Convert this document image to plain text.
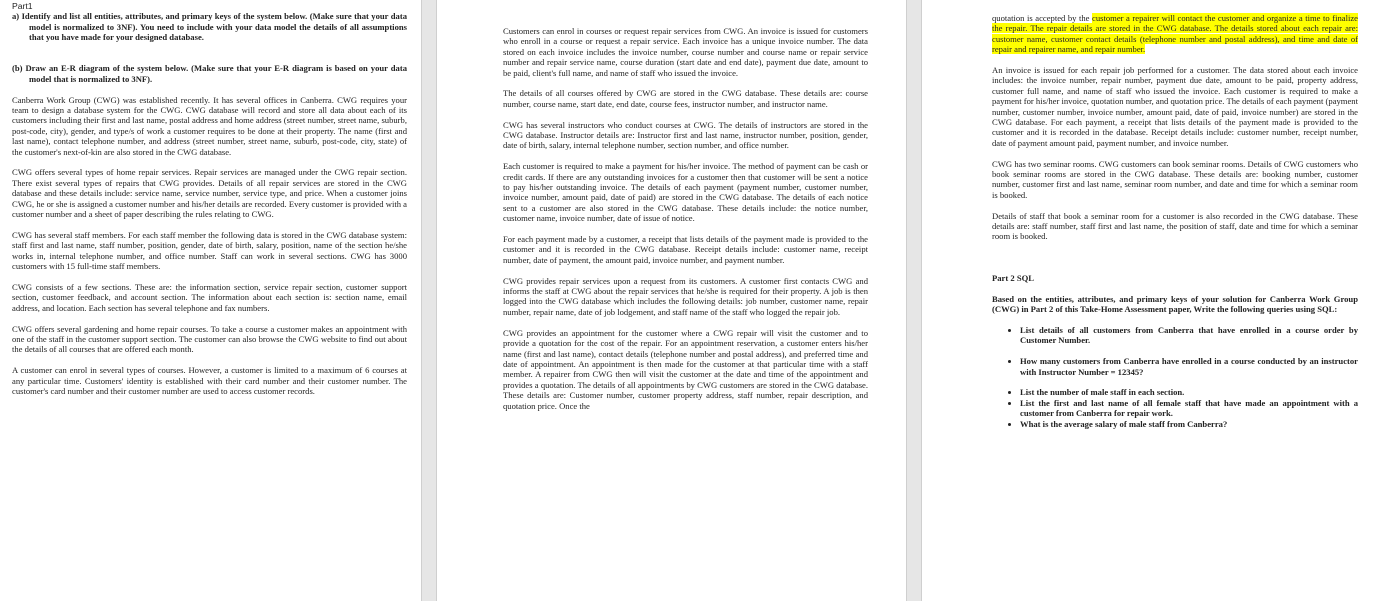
Part1

a) Identify and list all entities, attributes, and primary keys of the system below. (Make sure that your data model is normalized to 3NF). You need to include with your data model the details of all assumptions that you have made for your designed database.

(b) Draw an E-R diagram of the system below. (Make sure that your E-R diagram is based on your data model that is normalized to 3NF).

Canberra Work Group (CWG) was established recently. It has several offices in Canberra. CWG requires your team to design a database system for the CWG. CWG database will record and store all data about each of its customers including their first and last name, postal address and home address (street number, street name, suburb, post-code, city), gender, and type/s of work a customer requires to be done at their property. The name (first and last name), contact telephone number, and address (street number, street name, suburb, post-code, city, state) of the customer's next-of-kin are also stored in the CWG database.

CWG offers several types of home repair services. Repair services are managed under the CWG repair section. There exist several types of repairs that CWG provides. Details of all repair services are stored in the CWG database and these details include: service name, service number, service type, and price. When a customer joins CWG, he or she is assigned a customer number and his/her details are recorded. Every customer is provided with a customer number and a sheet of paper describing the rules relating to CWG.

CWG has several staff members. For each staff member the following data is stored in the CWG database system: staff first and last name, staff number, position, gender, date of birth, salary, position, name of the section he/she works in, internal telephone number, and office number. Staff can work in several sections. CWG has 3000 customers with 15 full-time staff members.

CWG consists of a few sections. These are: the information section, service repair section, customer support section, customer feedback, and account section. The information about each section is: section name, email address, and location. Each section has several telephone and fax numbers.

CWG offers several gardening and home repair courses. To take a course a customer makes an appointment with one of the staff in the customer support section. The customer can also browse the CWG website to find out about the details of all courses that are offered each month.

A customer can enrol in several types of courses. However, a customer is limited to a maximum of 6 courses at any particular time. Customers' identity is established with their card number and their customer number. The customer's card number and their customer number are used to access customer records.

Customers can enrol in courses or request repair services from CWG. An invoice is issued for customers who enroll in a course or request a repair service. Each invoice has a unique invoice number. The data stored on each invoice includes the invoice number, course number and course name or repair service number and repair service name, course duration (start date and end date), payment due date, amount to be paid, client's full name, and name of staff who issued the invoice.

The details of all courses offered by CWG are stored in the CWG database. These details are: course number, course name, start date, end date, course fees, instructor number, and instructor name.

CWG has several instructors who conduct courses at CWG. The details of instructors are stored in the CWG database. Instructor details are: Instructor first and last name, instructor number, position, gender, date of birth, salary, internal telephone number, section number, and office number.

Each customer is required to make a payment for his/her invoice. The method of payment can be cash or credit cards. If there are any outstanding invoices for a customer then that customer will be sent a notice to pay his/her outstanding invoice. The details of each payment (payment number, customer number, invoice number, amount paid, date of paid) are stored in the CWG database. The details of each notice sent to a customer are also stored in the CWG database. These details include: the notice number, customer name, invoice number, date of issue of notice.

For each payment made by a customer, a receipt that lists details of the payment made is provided to the customer and it is recorded in the CWG database. Receipt details include: customer name, receipt number, date of payment, the amount paid, invoice number, and payment number.

CWG provides repair services upon a request from its customers. A customer first contacts CWG and informs the staff at CWG about the repair services that he/she is required for their property. A job is then logged into the CWG database which includes the following details: job number, customer name, repair number, repair name, date of job lodgement, and staff name of the staff who logged the repair job.

CWG provides an appointment for the customer where a CWG repair will visit the customer and to provide a quotation for the cost of the repair. For an appointment reservation, a customer enters his/her name (first and last name), contact details (telephone number and postal address), and preferred time and date of appointment. An appointment is then made for the customer at that particular time with a staff member. A repairer from CWG then will visit the customer at the date and time of the appointment and provides a quotation. The details of all appointments by CWG customers are stored in the CWG database. These details are: Customer number, customer property address, staff number, repair description, and quotation price. Once the

quotation is accepted by the customer a repairer will contact the customer and organize a time to finalize the repair. The repair details are stored in the CWG database. The details stored about each repair are: customer name, customer contact details (telephone number and postal address), and time and date of repair and repairer name, and repair number.

An invoice is issued for each repair job performed for a customer. The data stored about each invoice includes: the invoice number, repair number, payment due date, amount to be paid, property address, customer full name, and name of staff who issued the invoice. Each customer is required to make a payment for his/her invoice, quotation number, and quotation price. The details of each payment (payment number, customer number, invoice number, amount paid, date of paid, invoice number) are stored in the CWG database. For each payment, a receipt that lists details of the payment made is provided to the customer and it is recorded in the database. Receipt details include: customer number, receipt number, date of payment amount paid, payment number, and invoice number.

CWG has two seminar rooms. CWG customers can book seminar rooms. Details of CWG customers who book seminar rooms are stored in the CWG database. These details are: booking number, customer number, customer first and last name, seminar room number, and date and time for which a seminar room is booked.

Details of staff that book a seminar room for a customer is also recorded in the CWG database. These details are: staff number, staff first and last name, the position of staff, date and time for which a seminar room is booked.

Part 2 SQL

Based on the entities, attributes, and primary keys of your solution for Canberra Work Group (CWG) in Part 2 of this Take-Home Assessment paper, Write the following queries using SQL:

• List details of all customers from Canberra that have enrolled in a course order by Customer Number.
• How many customers from Canberra have enrolled in a course conducted by an instructor with Instructor Number = 12345?
• List the number of male staff in each section.
• List the first and last name of all female staff that have made an appointment with a customer from Canberra for repair work.
• What is the average salary of male staff from Canberra?
